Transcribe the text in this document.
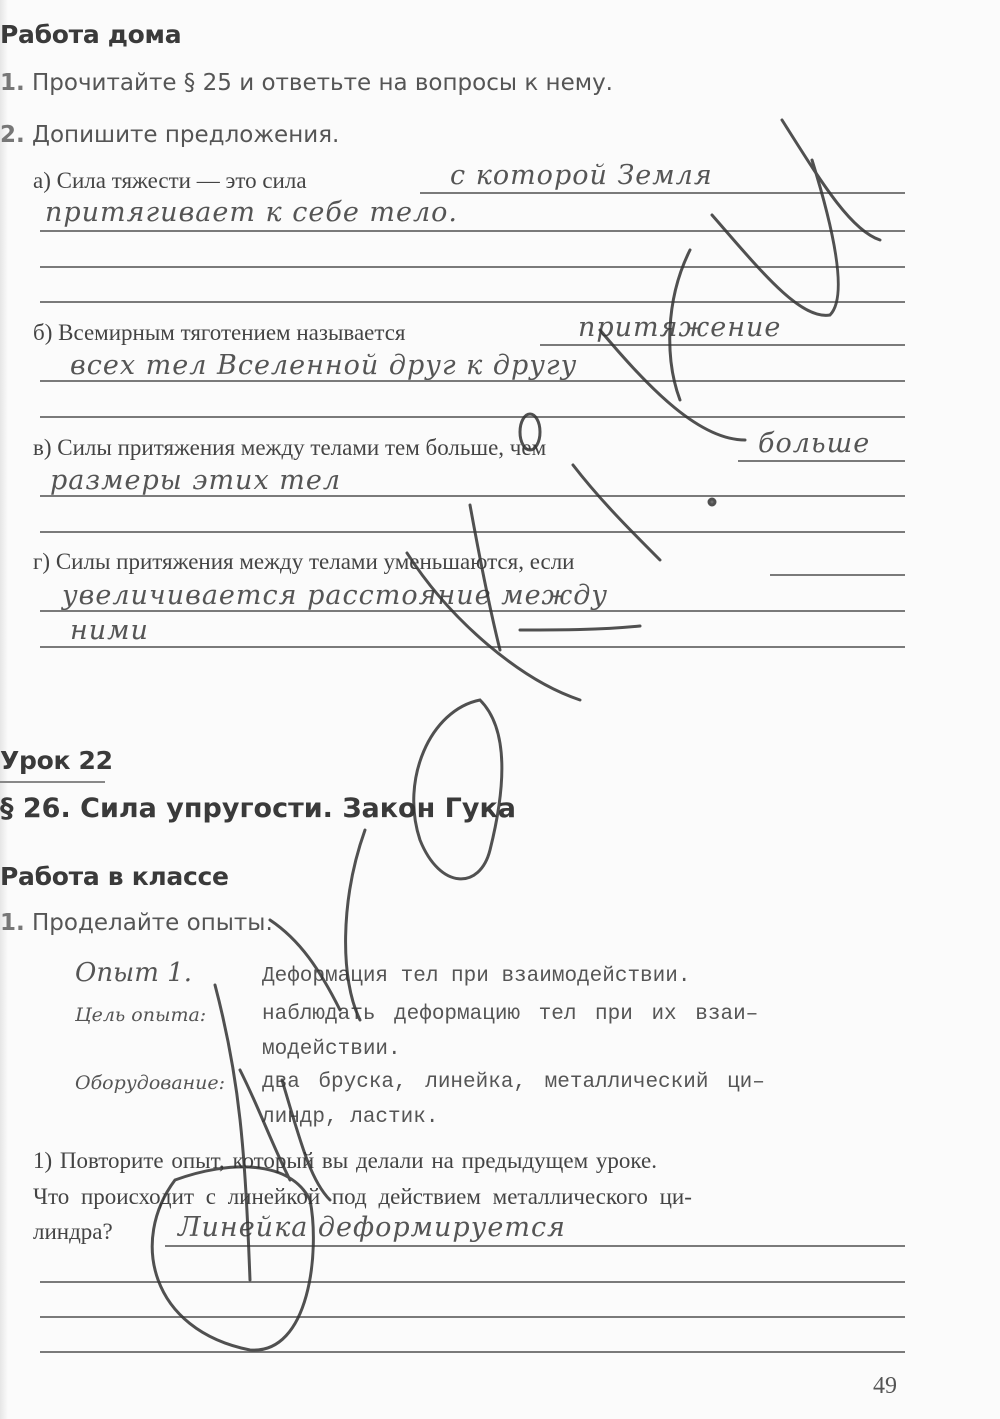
Работа дома
1. Прочитайте § 25 и ответьте на вопросы к нему.
2. Допишите предложения.
а) Сила тяжести — это сила	с которой Земля
притягивает к себе тело.
б) Всемирным тяготением называется	притяжение
всех тел Вселенной друг к другу
в) Силы притяжения между телами тем больше, чем	больше
размеры этих тел
г) Силы притяжения между телами уменьшаются, если
увеличивается расстояние между
ними
Урок 22
§ 26. Сила упругости. Закон Гука
Работа в классе
1. Проделайте опыты.
Опыт 1.	Деформация тел при взаимодействии.
Цель опыта:	наблюдать деформацию тел при их взаи–
модействии.
Оборудование: два бруска, линейка, металлический ци–
линдр, ластик.
1) Повторите опыт, который вы делали на предыдущем уроке.
Что происходит с линейкой под действием металлического ци-
линдра? Линейка деформируется
49
